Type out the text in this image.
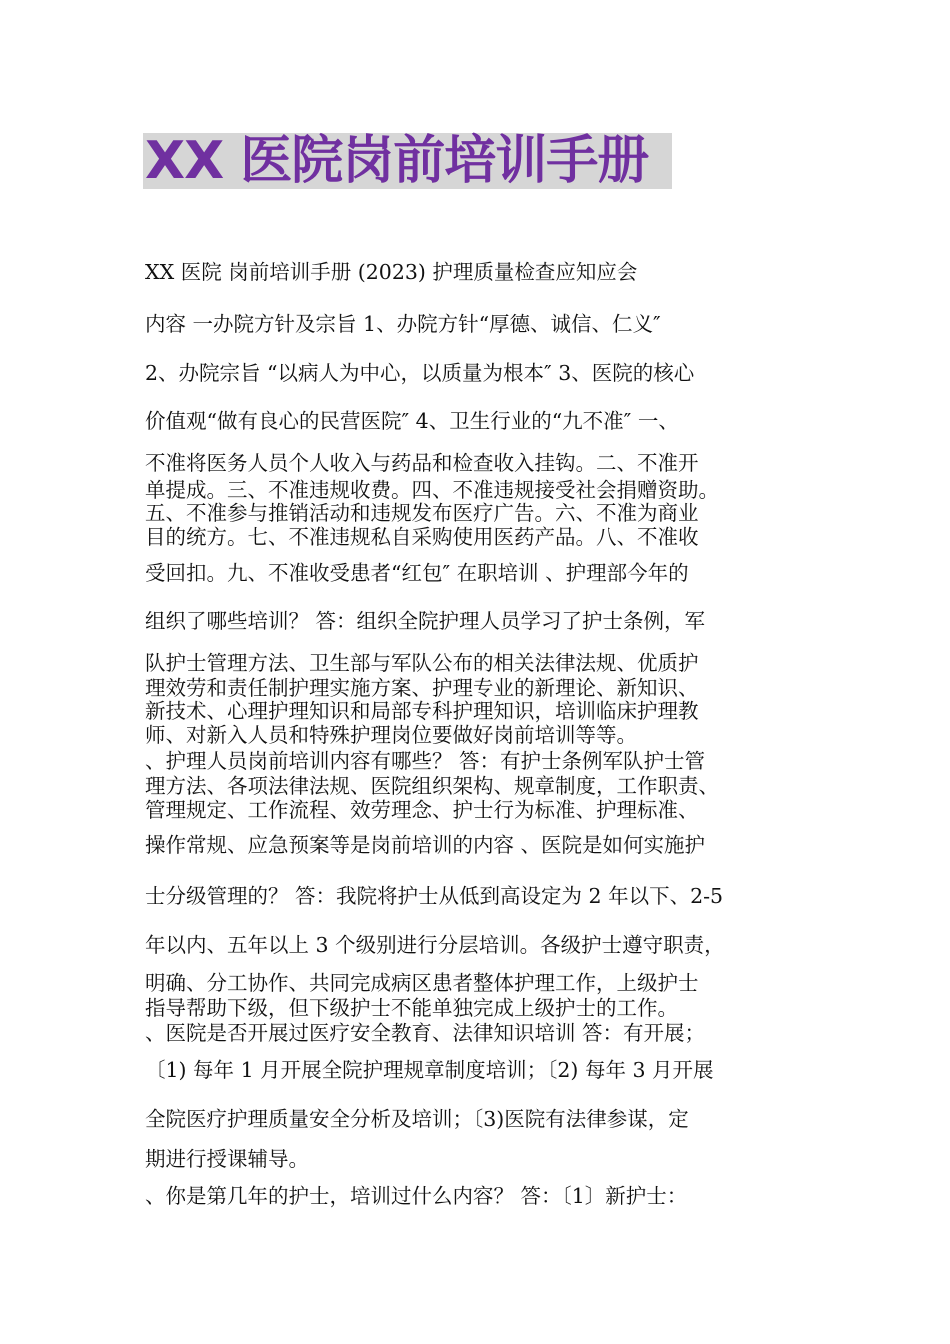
XX 医院岗前培训手册
XX 医院 岗前培训手册 (2023) 护理质量检查应知应会
内容 一办院方针及宗旨 1、办院方针“厚德、诚信、仁义″
2、办院宗旨 “以病人为中心，以质量为根本″ 3、医院的核心
价值观“做有良心的民营医院″ 4、卫生行业的“九不准″ 一、
不准将医务人员个人收入与药品和检查收入挂钩。二、不准开
单提成。三、不准违规收费。四、不准违规接受社会捐赠资助。
五、不准参与推销活动和违规发布医疗广告。六、不准为商业
目的统方。七、不准违规私自采购使用医药产品。八、不准收
受回扣。九、不准收受患者“红包″ 在职培训 、护理部今年的
组织了哪些培训？ 答：组织全院护理人员学习了护士条例，军
队护士管理方法、卫生部与军队公布的相关法律法规、优质护
理效劳和责任制护理实施方案、护理专业的新理论、新知识、
新技术、心理护理知识和局部专科护理知识，培训临床护理教
师、对新入人员和特殊护理岗位要做好岗前培训等等。
、护理人员岗前培训内容有哪些？ 答：有护士条例军队护士管
理方法、各项法律法规、医院组织架构、规章制度，工作职责、
管理规定、工作流程、效劳理念、护士行为标准、护理标准、
操作常规、应急预案等是岗前培训的内容 、医院是如何实施护
士分级管理的？ 答：我院将护士从低到高设定为 2 年以下、2-5
年以内、五年以上 3 个级别进行分层培训。各级护士遵守职责，
明确、分工协作、共同完成病区患者整体护理工作，上级护士
指导帮助下级，但下级护士不能单独完成上级护士的工作。
、医院是否开展过医疗安全教育、法律知识培训 答：有开展；
〔1) 每年 1 月开展全院护理规章制度培训；〔2) 每年 3 月开展
全院医疗护理质量安全分析及培训；〔3)医院有法律参谋，定
期进行授课辅导。
、你是第几年的护士，培训过什么内容？ 答：〔1〕新护士：
